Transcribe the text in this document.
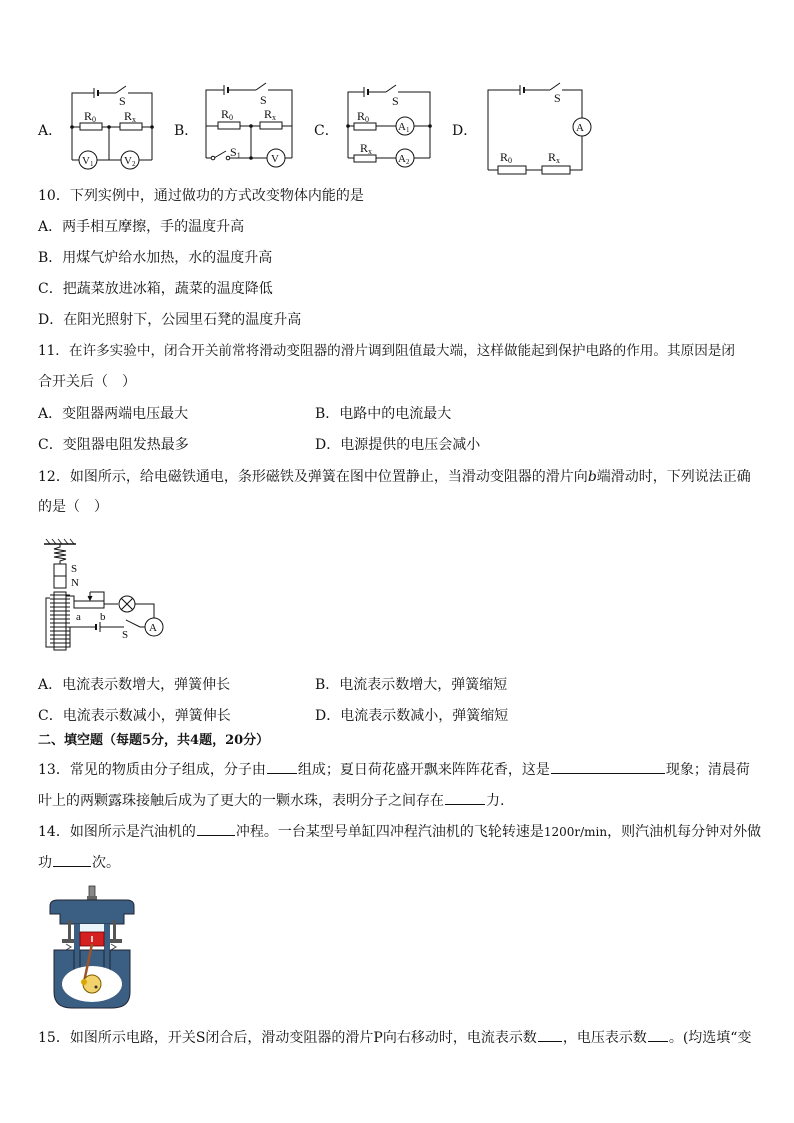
A．	B．	C．	D．
S
R0 Rx
V1	V2
S
R0	Rx
S1	V
S
R0
Rx
A1
A2
S
A
R0	Rx
10．下列实例中，通过做功的方式改变物体内能的是
A．两手相互摩擦，手的温度升高
B．用煤气炉给水加热，水的温度升高
C．把蔬菜放进冰箱，蔬菜的温度降低
D．在阳光照射下，公园里石凳的温度升高
11．在许多实验中，闭合开关前常将滑动变阻器的滑片调到阻值最大端，这样做能起到保护电路的作用。其原因是闭
合开关后（　）
A．变阻器两端电压最大	B．电路中的电流最大
C．变阻器电阻发热最多	D．电源提供的电压会减小
12．如图所示，给电磁铁通电，条形磁铁及弹簧在图中位置静止，当滑动变阻器的滑片向b端滑动时，下列说法正确
的是（　）
S
N
a b
S
A
A．电流表示数增大，弹簧伸长	B．电流表示数增大，弹簧缩短
C．电流表示数减小，弹簧伸长	D．电流表示数减小，弹簧缩短
二、填空题（每题5分，共4题，20分）
13．常见的物质由分子组成，分子由 组成；夏日荷花盛开飘来阵阵花香，这是	现象；清晨荷
叶上的两颗露珠接触后成为了更大的一颗水珠，表明分子之间存在	力.
14．如图所示是汽油机的	冲程。一台某型号单缸四冲程汽油机的飞轮转速是1200r/min，则汽油机每分钟对外做
功	次。
15．如图所示电路，开关S闭合后，滑动变阻器的滑片P向右移动时，电流表示数 ，电压表示数 。(均选填“变
